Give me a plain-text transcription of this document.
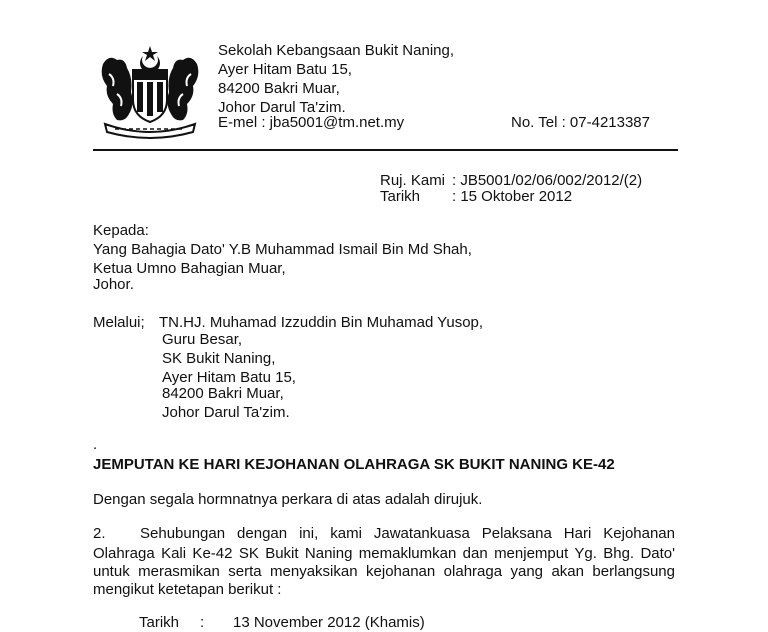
Sekolah Kebangsaan Bukit Naning,
Ayer Hitam Batu 15,
84200 Bakri Muar,
Johor Darul Ta'zim.
E-mel : jba5001@tm.net.my	No. Tel : 07-4213387
Ruj. Kami : JB5001/02/06/002/2012/(2)
Tarikh : 15 Oktober 2012
Kepada:
Yang Bahagia Dato' Y.B Muhammad Ismail Bin Md Shah,
Ketua Umno Bahagian Muar,
Johor.
Melalui; TN.HJ. Muhamad Izzuddin Bin Muhamad Yusop,
Guru Besar,
SK Bukit Naning,
Ayer Hitam Batu 15,
84200 Bakri Muar,
Johor Darul Ta'zim.
.
JEMPUTAN KE HARI KEJOHANAN OLAHRAGA SK BUKIT NANING KE-42
Dengan segala hormnatnya perkara di atas adalah dirujuk.
2. Sehubungan dengan ini, kami Jawatankuasa Pelaksana Hari Kejohanan
Olahraga Kali Ke-42 SK Bukit Naning memaklumkan dan menjemput Yg. Bhg. Dato'
untuk merasmikan serta menyaksikan kejohanan olahraga yang akan berlangsung
mengikut ketetapan berikut :
Tarikh : 13 November 2012 (Khamis)
